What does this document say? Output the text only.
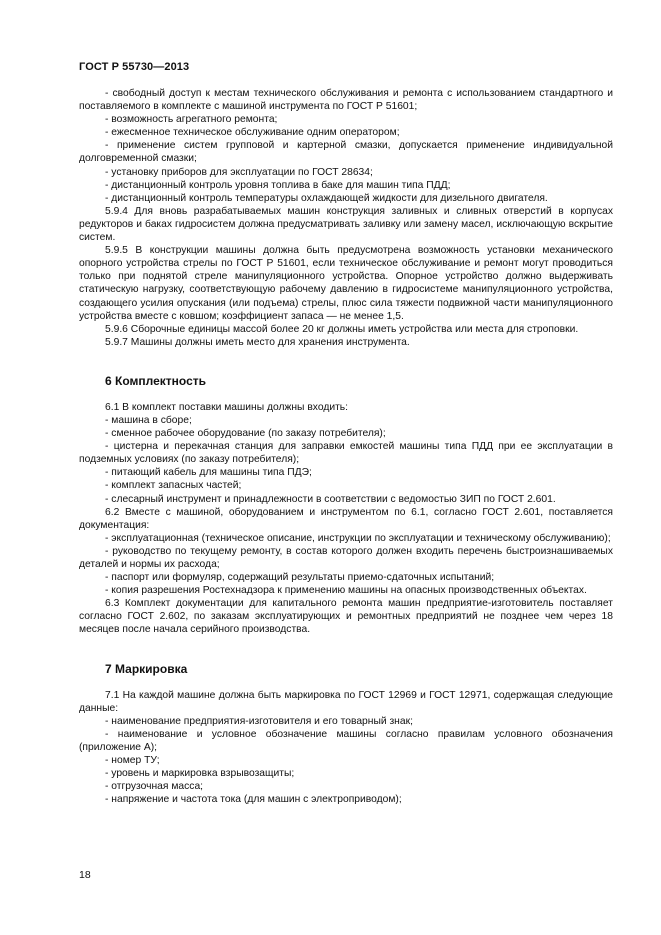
ГОСТ Р 55730—2013

- свободный доступ к местам технического обслуживания и ремонта с использованием стандартного и поставляемого в комплекте с машиной инструмента по ГОСТ Р 51601;

- возможность агрегатного ремонта;

- ежесменное техническое обслуживание одним оператором;

- применение систем групповой и картерной смазки, допускается применение индивидуальной долговременной смазки;

- установку приборов для эксплуатации по ГОСТ 28634;

- дистанционный контроль уровня топлива в баке для машин типа ПДД;

- дистанционный контроль температуры охлаждающей жидкости для дизельного двигателя.

5.9.4 Для вновь разрабатываемых машин конструкция заливных и сливных отверстий в корпусах редукторов и баках гидросистем должна предусматривать заливку или замену масел, исключающую вскрытие систем.

5.9.5 В конструкции машины должна быть предусмотрена возможность установки механического опорного устройства стрелы по ГОСТ Р 51601, если техническое обслуживание и ремонт могут проводиться только при поднятой стреле манипуляционного устройства. Опорное устройство должно выдерживать статическую нагрузку, соответствующую рабочему давлению в гидросистеме манипуляционного устройства, создающего усилия опускания (или подъема) стрелы, плюс сила тяжести подвижной части манипуляционного устройства вместе с ковшом; коэффициент запаса — не менее 1,5.

5.9.6 Сборочные единицы массой более 20 кг должны иметь устройства или места для строповки.

5.9.7 Машины должны иметь место для хранения инструмента.

6 Комплектность

6.1 В комплект поставки машины должны входить:

- машина в сборе;

- сменное рабочее оборудование (по заказу потребителя);

- цистерна и перекачная станция для заправки емкостей машины типа ПДД при ее эксплуатации в подземных условиях (по заказу потребителя);

- питающий кабель для машины типа ПДЭ;

- комплект запасных частей;

- слесарный инструмент и принадлежности в соответствии с ведомостью ЗИП по ГОСТ 2.601.

6.2 Вместе с машиной, оборудованием и инструментом по 6.1, согласно ГОСТ 2.601, поставляется документация:

- эксплуатационная (техническое описание, инструкции по эксплуатации и техническому обслуживанию);

- руководство по текущему ремонту, в состав которого должен входить перечень быстроизнашиваемых деталей и нормы их расхода;

- паспорт или формуляр, содержащий результаты приемо-сдаточных испытаний;

- копия разрешения Ростехнадзора к применению машины на опасных производственных объектах.

6.3 Комплект документации для капитального ремонта машин предприятие-изготовитель поставляет согласно ГОСТ 2.602, по заказам эксплуатирующих и ремонтных предприятий не позднее чем через 18 месяцев после начала серийного производства.

7 Маркировка

7.1 На каждой машине должна быть маркировка по ГОСТ 12969 и ГОСТ 12971, содержащая следующие данные:

- наименование предприятия-изготовителя и его товарный знак;

- наименование и условное обозначение машины согласно правилам условного обозначения (приложение А);

- номер ТУ;

- уровень и маркировка взрывозащиты;

- отгрузочная масса;

- напряжение и частота тока (для машин с электроприводом);

18
